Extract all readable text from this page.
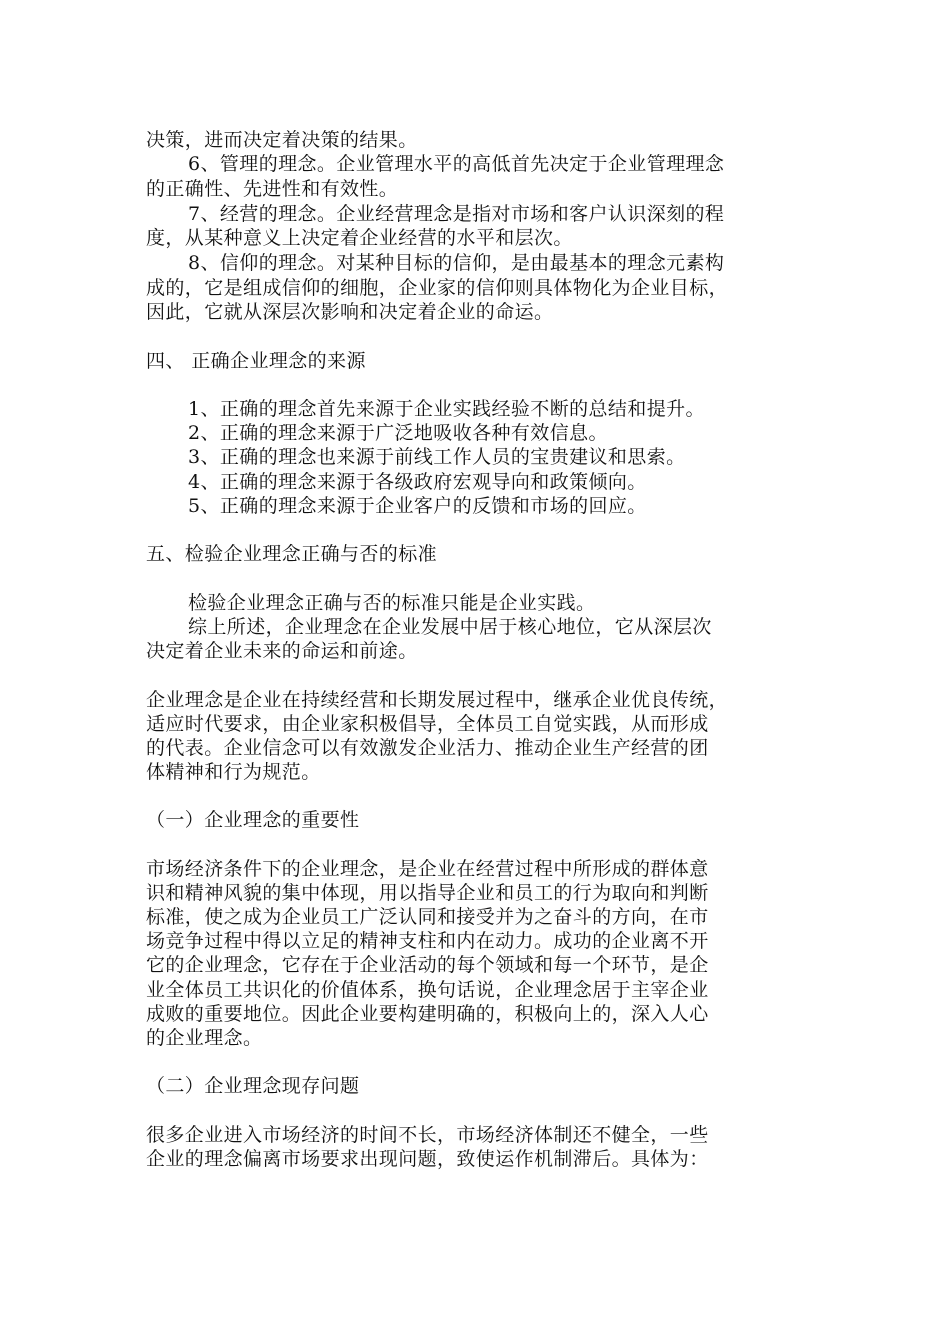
决策，进而决定着决策的结果。
6、管理的理念。企业管理水平的高低首先决定于企业管理理念
的正确性、先进性和有效性。
7、经营的理念。企业经营理念是指对市场和客户认识深刻的程
度，从某种意义上决定着企业经营的水平和层次。
8、信仰的理念。对某种目标的信仰，是由最基本的理念元素构
成的，它是组成信仰的细胞，企业家的信仰则具体物化为企业目标，
因此，它就从深层次影响和决定着企业的命运。
四、 正确企业理念的来源
1、正确的理念首先来源于企业实践经验不断的总结和提升。
2、正确的理念来源于广泛地吸收各种有效信息。
3、正确的理念也来源于前线工作人员的宝贵建议和思索。
4、正确的理念来源于各级政府宏观导向和政策倾向。
5、正确的理念来源于企业客户的反馈和市场的回应。
五、检验企业理念正确与否的标准
检验企业理念正确与否的标准只能是企业实践。
综上所述，企业理念在企业发展中居于核心地位，它从深层次
决定着企业未来的命运和前途。
企业理念是企业在持续经营和长期发展过程中，继承企业优良传统，
适应时代要求，由企业家积极倡导，全体员工自觉实践，从而形成
的代表。企业信念可以有效激发企业活力、推动企业生产经营的团
体精神和行为规范。
（一）企业理念的重要性
市场经济条件下的企业理念，是企业在经营过程中所形成的群体意
识和精神风貌的集中体现，用以指导企业和员工的行为取向和判断
标准，使之成为企业员工广泛认同和接受并为之奋斗的方向，在市
场竞争过程中得以立足的精神支柱和内在动力。成功的企业离不开
它的企业理念，它存在于企业活动的每个领域和每一个环节，是企
业全体员工共识化的价值体系，换句话说，企业理念居于主宰企业
成败的重要地位。因此企业要构建明确的，积极向上的，深入人心
的企业理念。
（二）企业理念现存问题
很多企业进入市场经济的时间不长，市场经济体制还不健全，一些
企业的理念偏离市场要求出现问题，致使运作机制滞后。具体为：
